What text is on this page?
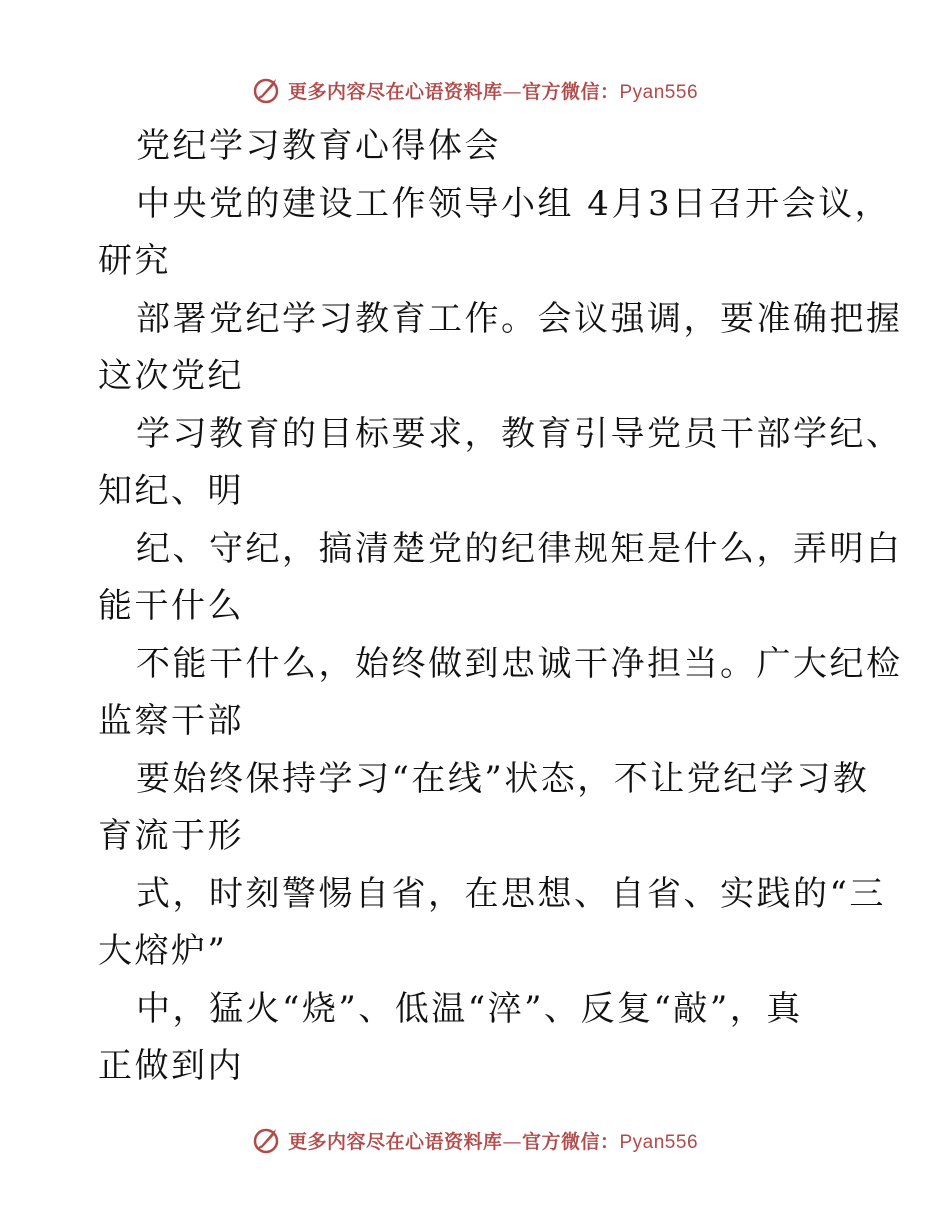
更多内容尽在心语资料库—官方微信：Pyan556
党纪学习教育心得体会
中央党的建设工作领导小组 4月3日召开会议，
研究
部署党纪学习教育工作。会议强调，要准确把握
这次党纪
学习教育的目标要求，教育引导党员干部学纪、
知纪、明
纪、守纪，搞清楚党的纪律规矩是什么，弄明白
能干什么
不能干什么，始终做到忠诚干净担当。广大纪检
监察干部
要始终保持学习“在线”状态，不让党纪学习教
育流于形
式，时刻警惕自省，在思想、自省、实践的“三
大熔炉”
中，猛火“烧”、低温“淬”、反复“敲”，真
正做到内
更多内容尽在心语资料库—官方微信：Pyan556
